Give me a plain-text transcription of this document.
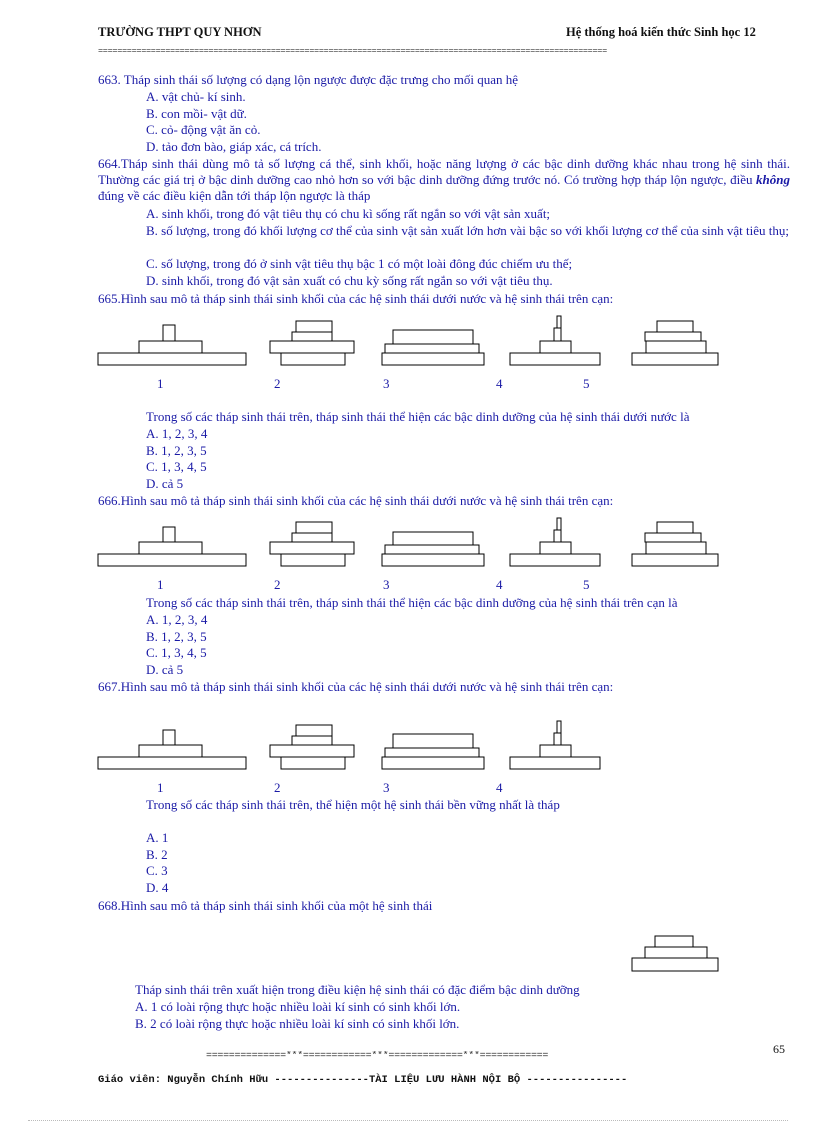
TRƯỜNG THPT QUY NHƠN	Hệ thống hoá kiến thức Sinh học 12
==========================================================================================================
663. Tháp sinh thái số lượng có dạng lộn ngược được đặc trưng cho mối quan hệ
A. vật chủ- kí sinh.
B. con mồi- vật dữ.
C. cỏ- động vật ăn cỏ.
D. tảo đơn bào, giáp xác, cá trích.
664.Tháp sinh thái dùng mô tả số lượng cá thể, sinh khối, hoặc năng lượng ở các bậc dinh dưỡng khác nhau trong hệ sinh thái. Thường các giá trị ở bậc dinh dưỡng cao nhỏ hơn so với bậc dinh dưỡng đứng trước nó. Có trường hợp tháp lộn ngược, điều không đúng về các điều kiện dẫn tới tháp lộn ngược là tháp
A. sinh khối, trong đó vật tiêu thụ có chu kì sống rất ngắn so với vật sản xuất;
B. số lượng, trong đó khối lượng cơ thể của sinh vật sản xuất lớn hơn vài bậc so với khối lượng cơ thể của sinh vật tiêu thụ;
C. số lượng, trong đó ở sinh vật tiêu thụ bậc 1 có một loài đông đúc chiếm ưu thế;
D. sinh khối, trong đó vật sản xuất có chu kỳ sống rất ngắn so với vật tiêu thụ.
665.Hình sau mô tả tháp sinh thái sinh khối của các hệ sinh thái dưới nước và hệ sinh thái trên cạn:
1	2	3	4	5
Trong số các tháp sinh thái trên, tháp sinh thái thể hiện các bậc dinh dưỡng của hệ sinh thái dưới nước là
A. 1, 2, 3, 4
B. 1, 2, 3, 5
C. 1, 3, 4, 5
D. cả 5
666.Hình sau mô tả tháp sinh thái sinh khối của các hệ sinh thái dưới nước và hệ sinh thái trên cạn:
1	2	3	4	5
Trong số các tháp sinh thái trên, tháp sinh thái thể hiện các bậc dinh dưỡng của hệ sinh thái trên cạn là
A. 1, 2, 3, 4
B. 1, 2, 3, 5
C. 1, 3, 4, 5
D. cả 5
667.Hình sau mô tả tháp sinh thái sinh khối của các hệ sinh thái dưới nước và hệ sinh thái trên cạn:
1	2	3	4
Trong số các tháp sinh thái trên, thể hiện một hệ sinh thái bền vững nhất là tháp
A. 1
B. 2
C. 3
D. 4
668.Hình sau mô tả tháp sinh thái sinh khối của một hệ sinh thái
Tháp sinh thái trên xuất hiện trong điều kiện hệ sinh thái có đặc điểm bậc dinh dưỡng
A. 1 có loài rộng thực hoặc nhiều loài kí sinh có sinh khối lớn.
B. 2 có loài rộng thực hoặc nhiều loài kí sinh có sinh khối lớn.
65
==============***============***=============***============
Giáo viên: Nguyễn Chính Hữu ---------------TÀI LIỆU LƯU HÀNH NỘI BỘ ----------------
